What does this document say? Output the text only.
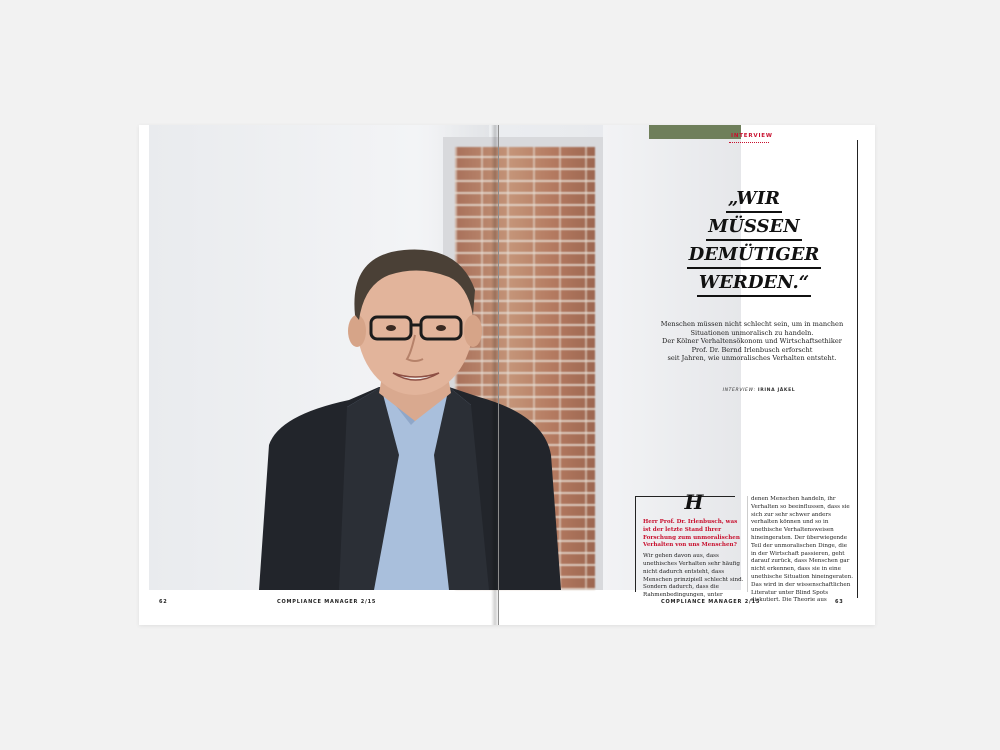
62	COMPLIANCE MANAGER 2/15
INTERVIEW
„WIR
MÜSSEN
DEMÜTIGER
WERDEN.“
Menschen müssen nicht schlecht sein, um in manchen
Situationen unmoralisch zu handeln.
Der Kölner Verhaltensökonom und Wirtschaftsethiker
Prof. Dr. Bernd Irlenbusch erforscht
seit Jahren, wie unmoralisches Verhalten entsteht.
INTERVIEW: IRINA JÄKEL
H
Herr Prof. Dr. Irlenbusch, was ist der letzte Stand Ihrer Forschung zum unmoralischen Verhalten von uns Menschen?
Wir gehen davon aus, dass unethisches Verhalten sehr häufig nicht dadurch entsteht, dass Menschen prinzipiell schlecht sind. Sondern dadurch, dass die Rahmenbedingungen, unter
denen Menschen handeln, ihr Verhalten so beeinflussen, dass sie sich zur sehr schwer anders verhalten können und so in unethische Verhaltensweisen hineingeraten. Der überwiegende Teil der unmoralischen Dinge, die in der Wirtschaft passieren, geht darauf zurück, dass Menschen gar nicht erkennen, dass sie in eine unethische Situation hineingeraten. Das wird in der wissenschaftlichen Literatur unter Blind Spots diskutiert. Die Theorie aus
COMPLIANCE MANAGER 2/15	63
